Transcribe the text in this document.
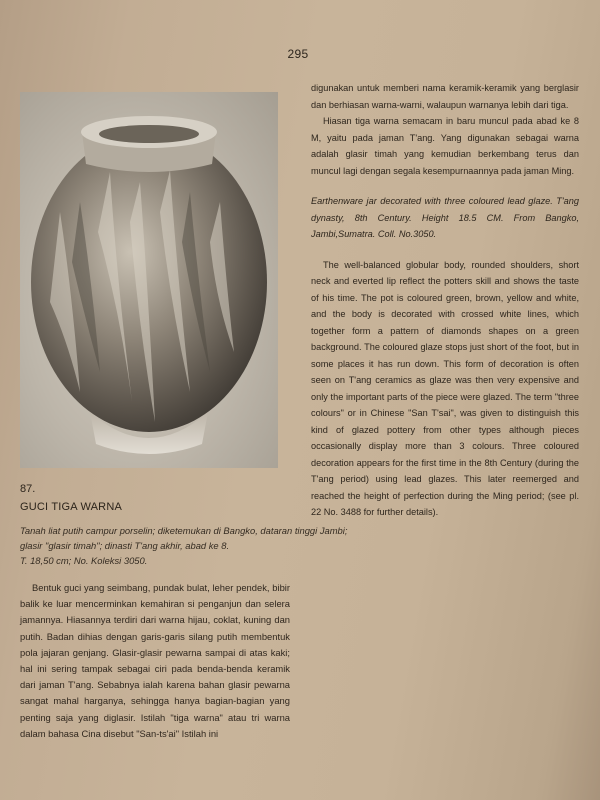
295
87.
GUCI TIGA WARNA
Tanah liat putih campur porselin; diketemukan di Bangko, dataran tinggi Jambi;
glasir "glasir timah"; dinasti T'ang akhir, abad ke 8.
T. 18,50 cm; No. Koleksi 3050.

Bentuk guci yang seimbang, pundak bulat, leher pendek, bibir balik ke luar mencerminkan kemahiran si penganjun dan selera jamannya. Hiasannya terdiri dari warna hijau, coklat, kuning dan putih. Badan dihias dengan garis-garis silang putih membentuk pola jajaran genjang. Glasir-glasir pewarna sampai di atas kaki; hal ini sering tampak sebagai ciri pada benda-benda keramik dari jaman T'ang. Sebabnya ialah karena bahan glasir pewarna sangat mahal harganya, sehingga hanya bagian-bagian yang penting saja yang diglasir. Istilah "tiga warna" atau tri warna dalam bahasa Cina disebut "San-ts'ai" Istilah ini

digunakan untuk memberi nama keramik-keramik yang berglasir dan berhiasan warna-warni, walaupun warnanya lebih dari tiga.

Hiasan tiga warna semacam in baru muncul pada abad ke 8 M, yaitu pada jaman T'ang. Yang digunakan sebagai warna adalah glasir timah yang kemudian berkembang terus dan muncul lagi dengan segala kesempurnaannya pada jaman Ming.

Earthenware jar decorated with three coloured lead glaze. T'ang dynasty, 8th Century. Height 18.5 CM. From Bangko, Jambi,Sumatra. Coll. No.3050.

The well-balanced globular body, rounded shoulders, short neck and everted lip reflect the potters skill and shows the taste of his time. The pot is coloured green, brown, yellow and white, and the body is decorated with crossed white lines, which together form a pattern of diamonds shapes on a green background. The coloured glaze stops just short of the foot, but in some places it has run down. This form of decoration is often seen on T'ang ceramics as glaze was then very expensive and only the important parts of the piece were glazed. The term "three colours" or in Chinese "San T'sai", was given to distinguish this kind of glazed pottery from other types although pieces occasionally display more than 3 colours. Three coloured decoration appears for the first time in the 8th Century (during the T'ang period) using lead glazes. This later reemerged and reached the height of perfection during the Ming period; (see pl. 22 No. 3488 for further details).
